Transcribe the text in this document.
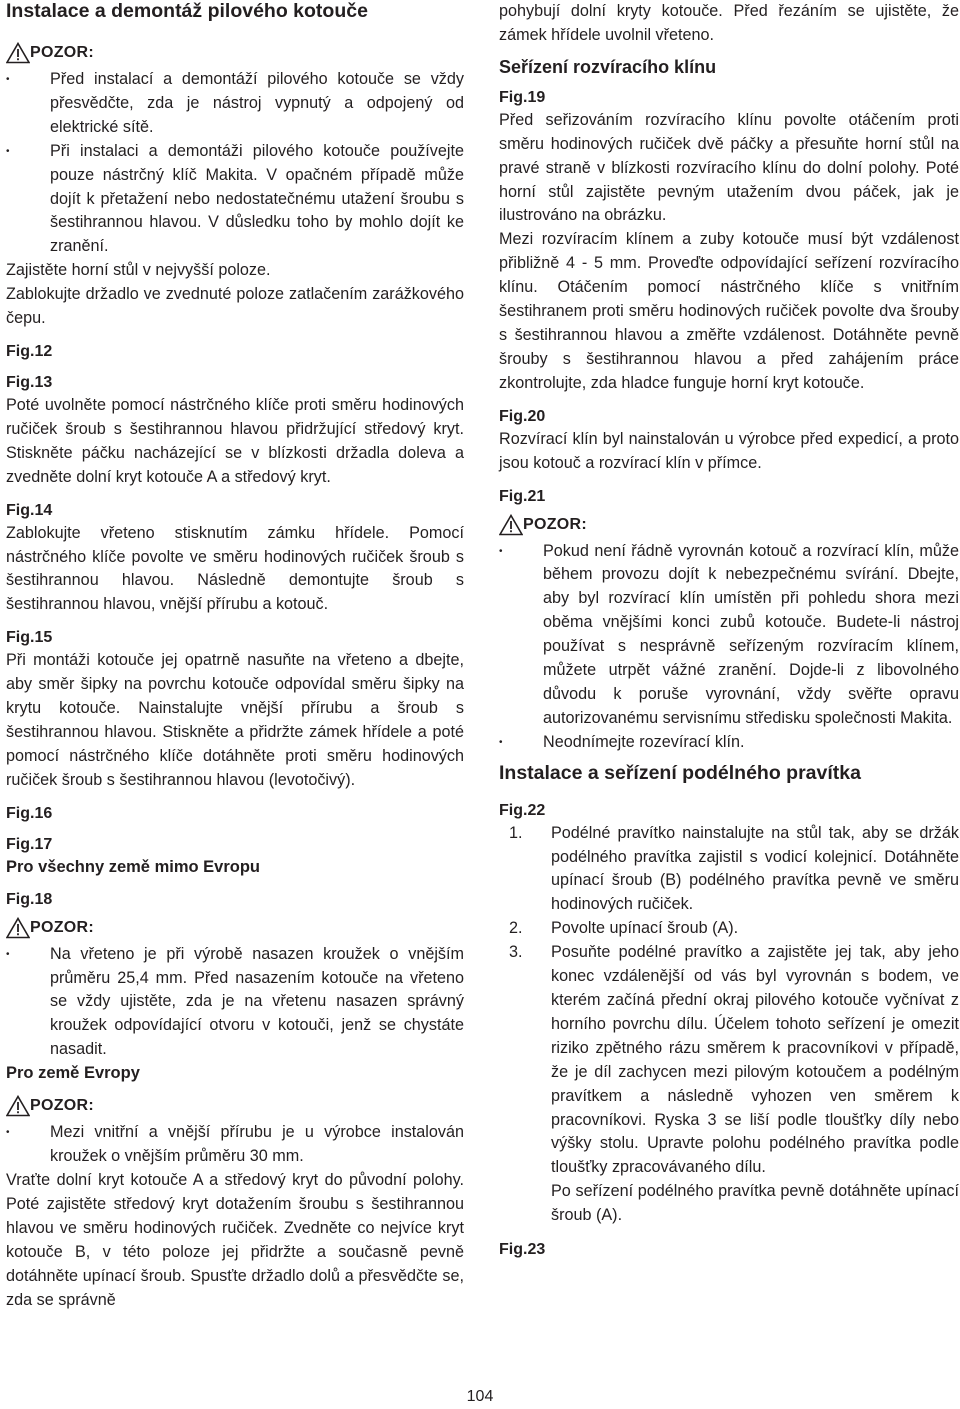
Instalace a demontáž pilového kotouče
POZOR:
• Před instalací a demontáží pilového kotouče se vždy přesvědčte, zda je nástroj vypnutý a odpojený od elektrické sítě.
• Při instalaci a demontáži pilového kotouče používejte pouze nástrčný klíč Makita. V opačném případě může dojít k přetažení nebo nedostatečnému utažení šroubu s šestihrannou hlavou. V důsledku toho by mohlo dojít ke zranění.

Zajistěte horní stůl v nejvyšší poloze.

Zablokujte držadlo ve zvednuté poloze zatlačením zarážkového čepu.

Fig.12
Fig.13

Poté uvolněte pomocí nástrčného klíče proti směru hodinových ručiček šroub s šestihrannou hlavou přidržující středový kryt. Stiskněte páčku nacházející se v blízkosti držadla doleva a zvedněte dolní kryt kotouče A a středový kryt.

Fig.14

Zablokujte vřeteno stisknutím zámku hřídele. Pomocí nástrčného klíče povolte ve směru hodinových ručiček šroub s šestihrannou hlavou. Následně demontujte šroub s šestihrannou hlavou, vnější přírubu a kotouč.

Fig.15

Při montáži kotouče jej opatrně nasuňte na vřeteno a dbejte, aby směr šipky na povrchu kotouče odpovídal směru šipky na krytu kotouče. Nainstalujte vnější přírubu a šroub s šestihrannou hlavou. Stiskněte a přidržte zámek hřídele a poté pomocí nástrčného klíče dotáhněte proti směru hodinových ručiček šroub s šestihrannou hlavou (levotočivý).

Fig.16
Fig.17
Pro všechny země mimo Evropu
Fig.18
POZOR:
• Na vřeteno je při výrobě nasazen kroužek o vnějším průměru 25,4 mm. Před nasazením kotouče na vřeteno se vždy ujistěte, zda je na vřetenu nasazen správný kroužek odpovídající otvoru v kotouči, jenž se chystáte nasadit.
Pro země Evropy
POZOR:
• Mezi vnitřní a vnější přírubu je u výrobce instalován kroužek o vnějším průměru 30 mm.

Vraťte dolní kryt kotouče A a středový kryt do původní polohy. Poté zajistěte středový kryt dotažením šroubu s šestihrannou hlavou ve směru hodinových ručiček. Zvedněte co nejvíce kryt kotouče B, v této poloze jej přidržte a současně pevně dotáhněte upínací šroub. Spusťte držadlo dolů a přesvědčte se, zda se správně

pohybují dolní kryty kotouče. Před řezáním se ujistěte, že zámek hřídele uvolnil vřeteno.

Seřízení rozvíracího klínu
Fig.19

Před seřizováním rozvíracího klínu povolte otáčením proti směru hodinových ručiček dvě páčky a přesuňte horní stůl na pravé straně v blízkosti rozvíracího klínu do dolní polohy. Poté horní stůl zajistěte pevným utažením dvou páček, jak je ilustrováno na obrázku.

Mezi rozvíracím klínem a zuby kotouče musí být vzdálenost přibližně 4 - 5 mm. Proveďte odpovídající seřízení rozvíracího klínu. Otáčením pomocí nástrčného klíče s vnitřním šestihranem proti směru hodinových ručiček povolte dva šrouby s šestihrannou hlavou a změřte vzdálenost. Dotáhněte pevně šrouby s šestihrannou hlavou a před zahájením práce zkontrolujte, zda hladce funguje horní kryt kotouče.

Fig.20

Rozvírací klín byl nainstalován u výrobce před expedicí, a proto jsou kotouč a rozvírací klín v přímce.

Fig.21
POZOR:
• Pokud není řádně vyrovnán kotouč a rozvírací klín, může během provozu dojít k nebezpečnému svírání. Dbejte, aby byl rozvírací klín umístěn při pohledu shora mezi oběma vnějšími konci zubů kotouče. Budete-li nástroj používat s nesprávně seřízeným rozvíracím klínem, můžete utrpět vážné zranění. Dojde-li z libovolného důvodu k poruše vyrovnání, vždy svěřte opravu autorizovanému servisnímu středisku společnosti Makita.
• Neodnímejte rozevírací klín.
Instalace a seřízení podélného pravítka
Fig.22
1. Podélné pravítko nainstalujte na stůl tak, aby se držák podélného pravítka zajistil s vodicí kolejnicí. Dotáhněte upínací šroub (B) podélného pravítka pevně ve směru hodinových ručiček.
2. Povolte upínací šroub (A).
3. Posuňte podélné pravítko a zajistěte jej tak, aby jeho konec vzdálenější od vás byl vyrovnán s bodem, ve kterém začíná přední okraj pilového kotouče vyčnívat z horního povrchu dílu. Účelem tohoto seřízení je omezit riziko zpětného rázu směrem k pracovníkovi v případě, že je díl zachycen mezi pilovým kotoučem a podélným pravítkem a následně vyhozen ven směrem k pracovníkovi. Ryska 3 se liší podle tloušťky díly nebo výšky stolu. Upravte polohu podélného pravítka podle tloušťky zpracovávaného dílu.

Po seřízení podélného pravítka pevně dotáhněte upínací šroub (A).

Fig.23
104
